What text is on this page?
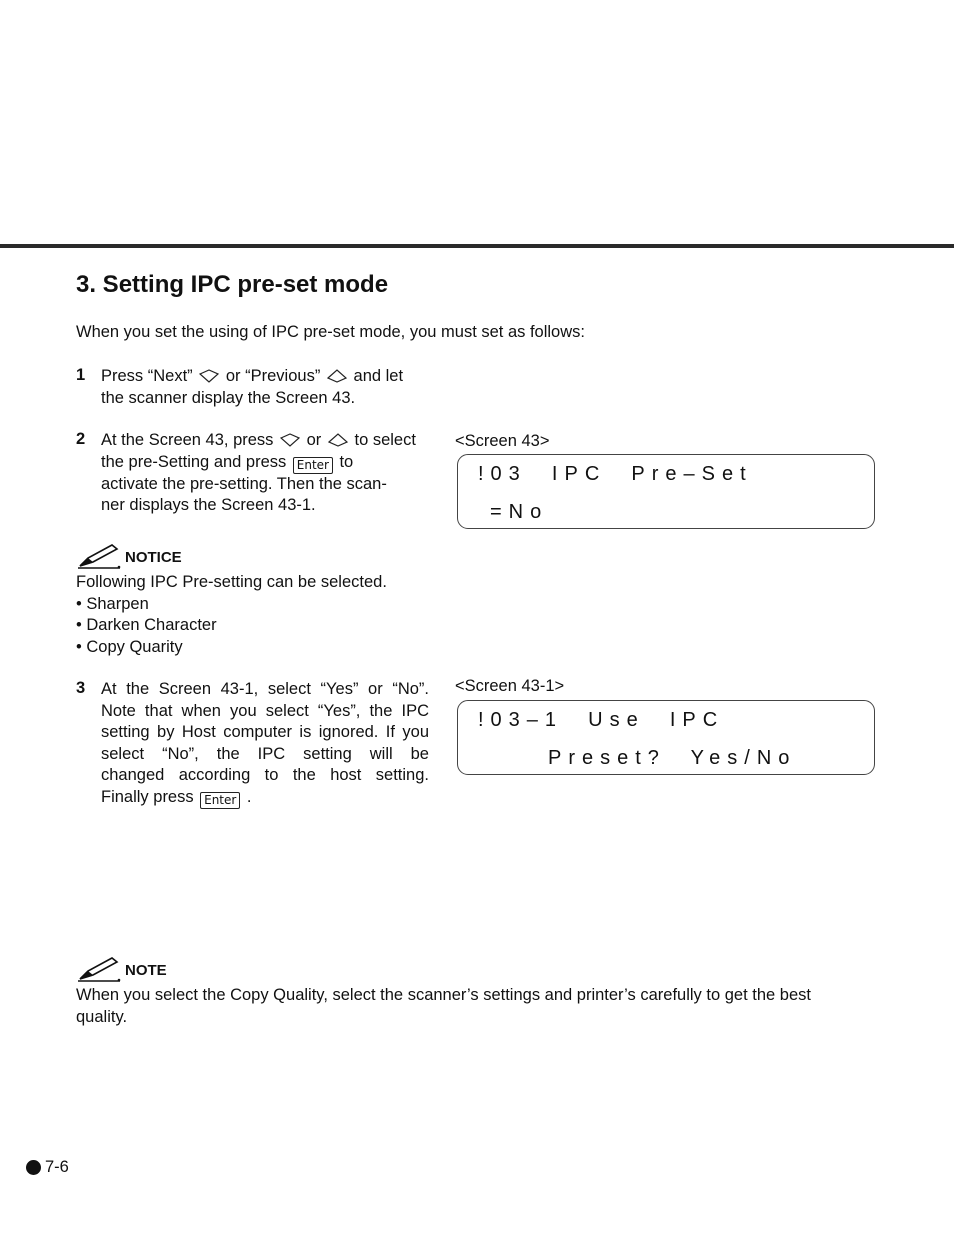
3. Setting IPC pre-set mode
When you set the using of IPC pre-set mode, you must set as follows:
1 Press “Next” or “Previous” and let
the scanner display the Screen 43.
2 At the Screen 43, press or to select
the pre-Setting and press Enter to
activate the pre-setting. Then the scan-
ner displays the Screen 43-1.
<Screen 43>
!03  IPC  Pre–Set
=No
NOTICE
Following IPC Pre-setting can be selected.
• Sharpen
• Darken Character
• Copy Quarity
3 At the Screen 43-1, select “Yes” or “No”.
Note that when you select “Yes”, the IPC
setting by Host computer is ignored. If you
select “No”, the IPC setting will be
changed according to the host setting.
Finally press Enter .
<Screen 43-1>
!03–1  Use  IPC
Preset?  Yes/No
NOTE
When you select the Copy Quality, select the scanner’s settings and printer’s carefully to get the best
quality.
7-6
